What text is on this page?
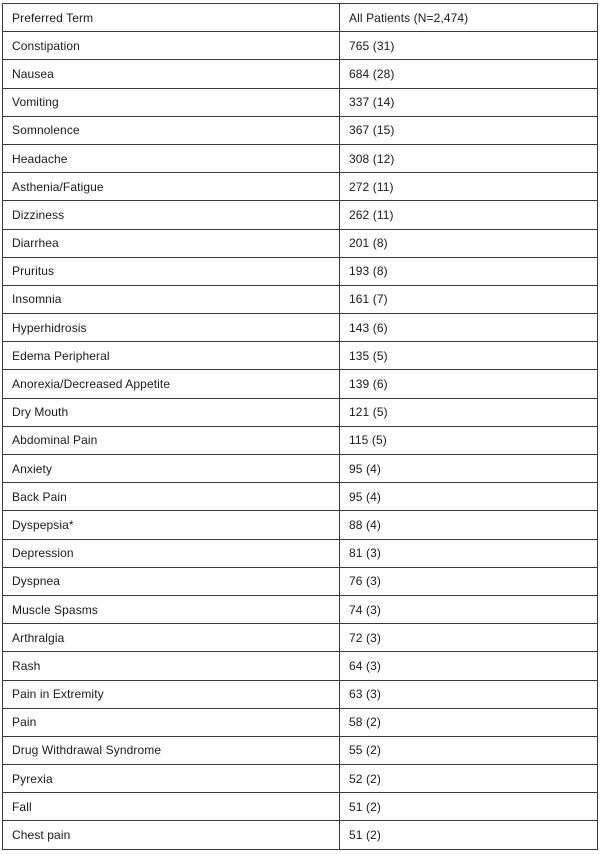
Preferred Term	All Patients (N=2,474)
Constipation	765 (31)
Nausea	684 (28)
Vomiting	337 (14)
Somnolence	367 (15)
Headache	308 (12)
Asthenia/Fatigue	272 (11)
Dizziness	262 (11)
Diarrhea	201 (8)
Pruritus	193 (8)
Insomnia	161 (7)
Hyperhidrosis	143 (6)
Edema Peripheral	135 (5)
Anorexia/Decreased Appetite	139 (6)
Dry Mouth	121 (5)
Abdominal Pain	115 (5)
Anxiety	95 (4)
Back Pain	95 (4)
Dyspepsia*	88 (4)
Depression	81 (3)
Dyspnea	76 (3)
Muscle Spasms	74 (3)
Arthralgia	72 (3)
Rash	64 (3)
Pain in Extremity	63 (3)
Pain	58 (2)
Drug Withdrawal Syndrome	55 (2)
Pyrexia	52 (2)
Fall	51 (2)
Chest pain	51 (2)
